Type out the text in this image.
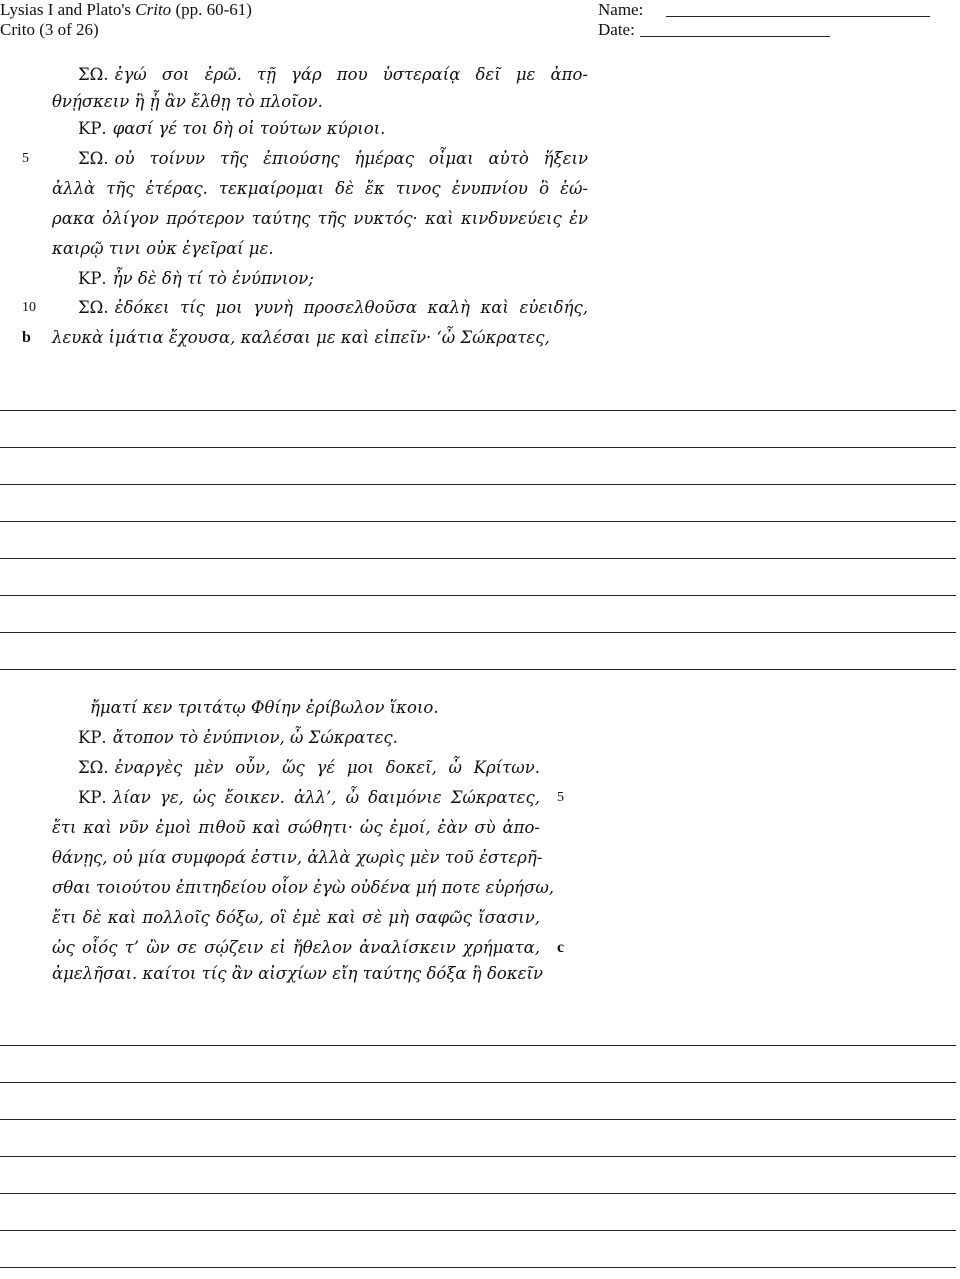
Lysias I and Plato's Crito (pp. 60-61)
Crito (3 of 26)
Name:
Date:
ΣΩ. ἐγώ σοι ἐρῶ. τῇ γάρ που ὑστεραίᾳ δεῖ με ἀπο-
θνῄσκειν ἢ ᾗ ἂν ἔλθῃ τὸ πλοῖον.
ΚΡ. φασί γέ τοι δὴ οἱ τούτων κύριοι.
ΣΩ. οὐ τοίνυν τῆς ἐπιούσης ἡμέρας οἶμαι αὐτὸ ἥξειν
5
ἀλλὰ τῆς ἑτέρας. τεκμαίρομαι δὲ ἔκ τινος ἐνυπνίου ὃ ἑώ-
ρακα ὀλίγον πρότερον ταύτης τῆς νυκτός· καὶ κινδυνεύεις ἐν
καιρῷ τινι οὐκ ἐγεῖραί με.
ΚΡ. ἦν δὲ δὴ τί τὸ ἐνύπνιον;
ΣΩ. ἐδόκει τίς μοι γυνὴ προσελθοῦσα καλὴ καὶ εὐειδής,
10
λευκὰ ἱμάτια ἔχουσα, καλέσαι με καὶ εἰπεῖν· ‘ὦ Σώκρατες,
b
ἤματί κεν τριτάτῳ Φθίην ἐρίβωλον ἵκοιο.
ΚΡ. ἄτοπον τὸ ἐνύπνιον, ὦ Σώκρατες.
ΣΩ. ἐναργὲς μὲν οὖν, ὥς γέ μοι δοκεῖ, ὦ Κρίτων.
ΚΡ. λίαν γε, ὡς ἔοικεν. ἀλλ’, ὦ δαιμόνιε Σώκρατες, 5
ἔτι καὶ νῦν ἐμοὶ πιθοῦ καὶ σώθητι· ὡς ἐμοί, ἐὰν σὺ ἀπο-
θάνῃς, οὐ μία συμφορά ἐστιν, ἀλλὰ χωρὶς μὲν τοῦ ἐστερῆ-
σθαι τοιούτου ἐπιτηδείου οἷον ἐγὼ οὐδένα μή ποτε εὑρήσω,
ἔτι δὲ καὶ πολλοῖς δόξω, οἳ ἐμὲ καὶ σὲ μὴ σαφῶς ἴσασιν,
ὡς οἷός τ’ ὢν σε σῴζειν εἰ ἤθελον ἀναλίσκειν χρήματα, c
ἀμελῆσαι. καίτοι τίς ἂν αἰσχίων εἴη ταύτης δόξα ἢ δοκεῖν
